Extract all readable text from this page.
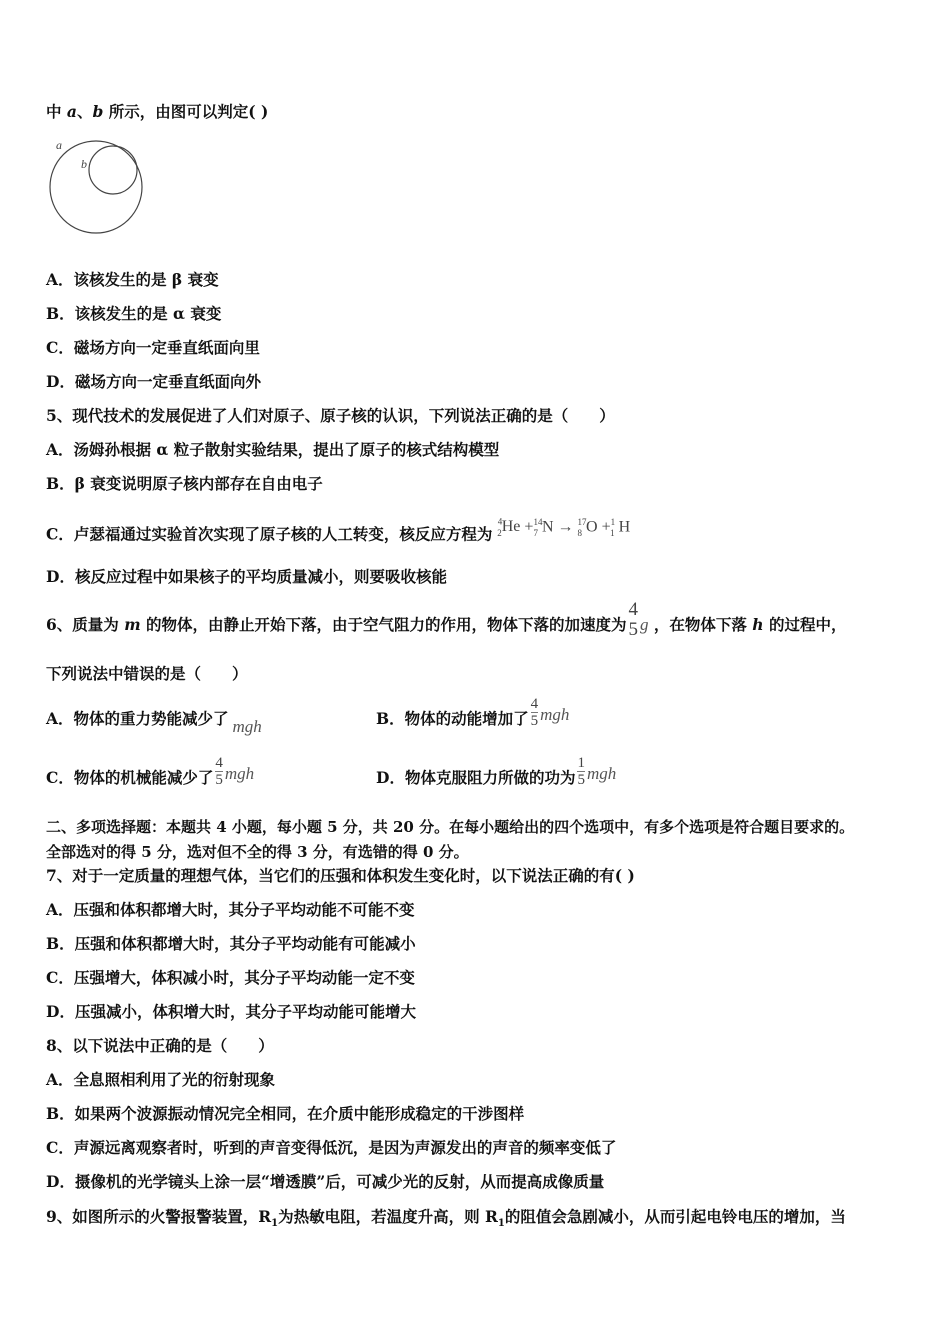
中 a、b 所示，由图可以判定( )
a
b
A．该核发生的是 β 衰变
B．该核发生的是 α 衰变
C．磁场方向一定垂直纸面向里
D．磁场方向一定垂直纸面向外
5、现代技术的发展促进了人们对原子、原子核的认识，下列说法正确的是（　　）
A．汤姆孙根据 α 粒子散射实验结果，提出了原子的核式结构模型
B．β 衰变说明原子核内部存在自由电子
C．卢瑟福通过实验首次实现了原子核的人工转变，核反应方程为 $^4_2$He +$^{14}_7$ N → $^{17}_8$ O +$^1_1$ H
D．核反应过程中如果核子的平均质量减小，则要吸收核能
6、质量为 m 的物体，由静止开始下落，由于空气阻力的作用，物体下落的加速度为
4
5 g ，在物体下落 h 的过程中，
下列说法中错误的是（　　）
A．物体的重力势能减少了 mgh	B．物体的动能增加了 $\frac{4}{5}$ mgh
C．物体的机械能减少了 $\frac{4}{5}$ mgh	D．物体克服阻力所做的功为 $\frac{1}{5}$ mgh
二、多项选择题：本题共 4 小题，每小题 5 分，共 20 分。在每小题给出的四个选项中，有多个选项是符合题目要求的。
全部选对的得 5 分，选对但不全的得 3 分，有选错的得 0 分。
7、对于一定质量的理想气体，当它们的压强和体积发生变化时，以下说法正确的有( )
A．压强和体积都增大时，其分子平均动能不可能不变
B．压强和体积都增大时，其分子平均动能有可能减小
C．压强增大，体积减小时，其分子平均动能一定不变
D．压强减小，体积增大时，其分子平均动能可能增大
8、以下说法中正确的是（　　）
A．全息照相利用了光的衍射现象
B．如果两个波源振动情况完全相同，在介质中能形成稳定的干涉图样
C．声源远离观察者时，听到的声音变得低沉，是因为声源发出的声音的频率变低了
D．摄像机的光学镜头上涂一层“增透膜”后，可减少光的反射，从而提高成像质量
9、如图所示的火警报警装置，$R_1$为热敏电阻，若温度升高，则 $R_1$的阻值会急剧减小，从而引起电铃电压的增加，当
